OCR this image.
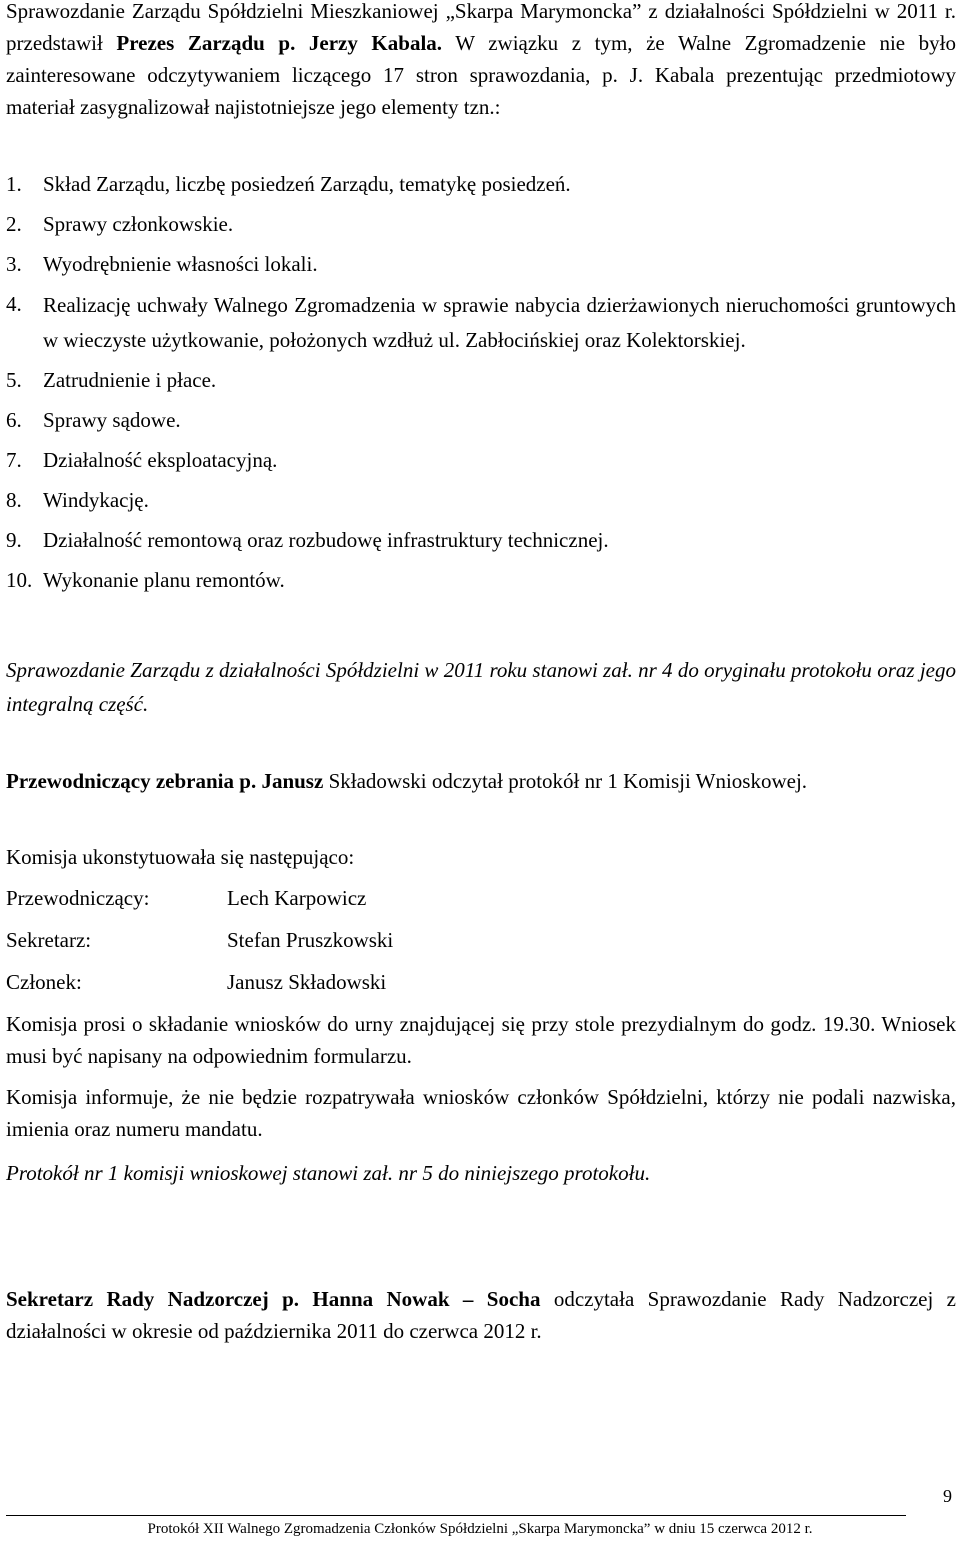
Sprawozdanie Zarządu Spółdzielni Mieszkaniowej „Skarpa Marymoncka” z działalności Spółdzielni w 2011 r. przedstawił Prezes Zarządu p. Jerzy Kabala. W związku z tym, że Walne Zgromadzenie nie było zainteresowane odczytywaniem liczącego 17 stron sprawozdania, p. J. Kabala prezentując przedmiotowy materiał zasygnalizował najistotniejsze jego elementy tzn.:

1.	Skład Zarządu, liczbę posiedzeń Zarządu, tematykę posiedzeń.
2.	Sprawy członkowskie.
3.	Wyodrębnienie własności lokali.
4.	Realizację uchwały Walnego Zgromadzenia w sprawie nabycia dzierżawionych nieruchomości gruntowych w wieczyste użytkowanie, położonych wzdłuż ul. Zabłocińskiej oraz Kolektorskiej.
5.	Zatrudnienie i płace.
6.	Sprawy sądowe.
7.	Działalność eksploatacyjną.
8.	Windykację.
9.	Działalność remontową oraz rozbudowę infrastruktury technicznej.
10. Wykonanie planu remontów.

Sprawozdanie Zarządu z działalności Spółdzielni w 2011 roku stanowi zał. nr 4 do oryginału protokołu oraz jego integralną część.

Przewodniczący zebrania p. Janusz Składowski odczytał protokół nr 1 Komisji Wnioskowej.

Komisja ukonstytuowała się następująco:

Przewodniczący:	Lech Karpowicz
Sekretarz:	Stefan Pruszkowski
Członek:	Janusz Składowski

Komisja prosi o składanie wniosków do urny znajdującej się przy stole prezydialnym do godz. 19.30. Wniosek musi być napisany na odpowiednim formularzu.

Komisja informuje, że nie będzie rozpatrywała wniosków członków Spółdzielni, którzy nie podali nazwiska, imienia oraz numeru mandatu.

Protokół nr 1 komisji wnioskowej stanowi zał. nr 5 do niniejszego protokołu.

Sekretarz Rady Nadzorczej p. Hanna Nowak – Socha odczytała Sprawozdanie Rady Nadzorczej z działalności w okresie od października 2011 do czerwca 2012 r.

Protokół XII Walnego Zgromadzenia Członków Spółdzielni „Skarpa Marymoncka” w dniu 15 czerwca 2012 r.
9
